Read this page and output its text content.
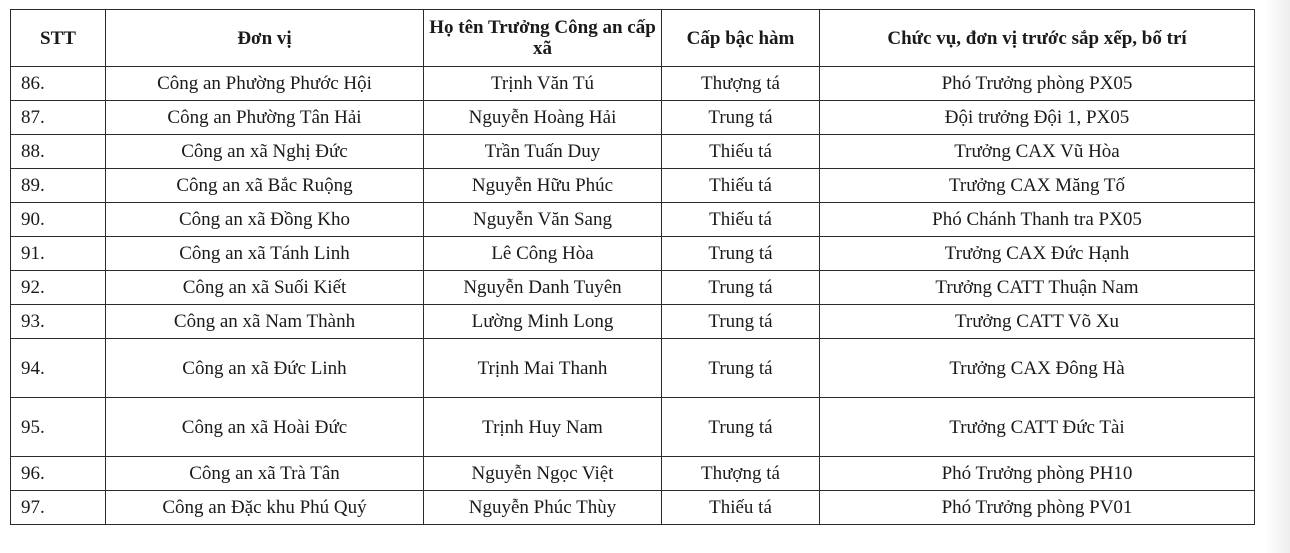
STT	Đơn vị	Họ tên Trưởng Công an cấp xã	Cấp bậc hàm	Chức vụ, đơn vị trước sắp xếp, bố trí
86.	Công an Phường Phước Hội	Trịnh Văn Tú	Thượng tá	Phó Trưởng phòng PX05
87.	Công an Phường Tân Hải	Nguyễn Hoàng Hải	Trung tá	Đội trưởng Đội 1, PX05
88.	Công an xã Nghị Đức	Trần Tuấn Duy	Thiếu tá	Trưởng CAX Vũ Hòa
89.	Công an xã Bắc Ruộng	Nguyễn Hữu Phúc	Thiếu tá	Trưởng CAX Măng Tố
90.	Công an xã Đồng Kho	Nguyễn Văn Sang	Thiếu tá	Phó Chánh Thanh tra PX05
91.	Công an xã Tánh Linh	Lê Công Hòa	Trung tá	Trưởng CAX Đức Hạnh
92.	Công an xã Suối Kiết	Nguyễn Danh Tuyên	Trung tá	Trưởng CATT Thuận Nam
93.	Công an xã Nam Thành	Lường Minh Long	Trung tá	Trưởng CATT Võ Xu
94.	Công an xã Đức Linh	Trịnh Mai Thanh	Trung tá	Trưởng CAX Đông Hà
95.	Công an xã Hoài Đức	Trịnh Huy Nam	Trung tá	Trưởng CATT Đức Tài
96.	Công an xã Trà Tân	Nguyễn Ngọc Việt	Thượng tá	Phó Trưởng phòng PH10
97.	Công an Đặc khu Phú Quý	Nguyễn Phúc Thùy	Thiếu tá	Phó Trưởng phòng PV01
